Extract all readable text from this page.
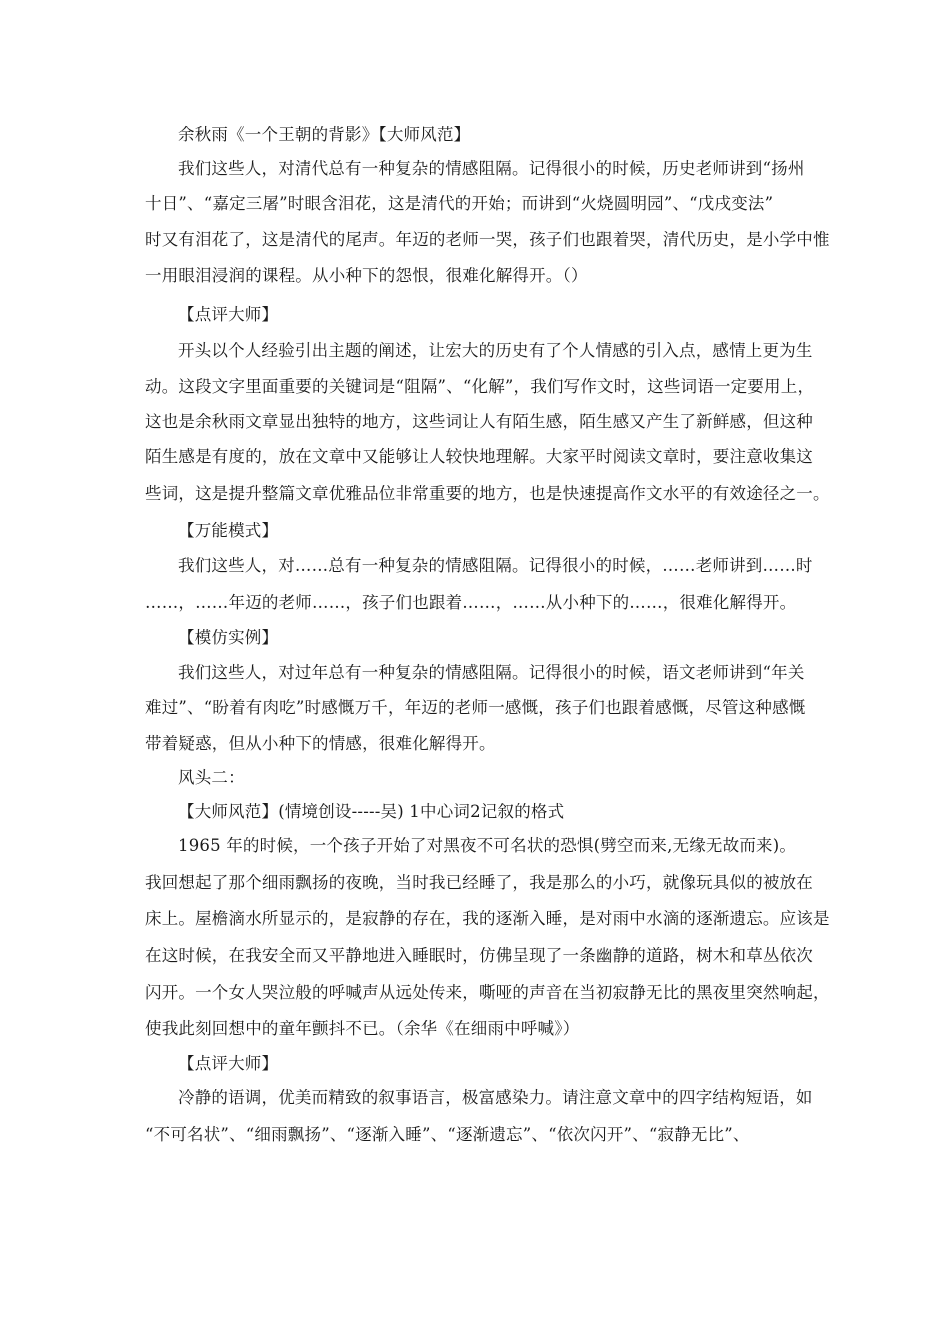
余秋雨《一个王朝的背影》【大师风范】
我们这些人，对清代总有一种复杂的情感阻隔。记得很小的时候，历史老师讲到“扬州
十日”、“嘉定三屠”时眼含泪花，这是清代的开始；而讲到“火烧圆明园”、“戊戌变法”
时又有泪花了，这是清代的尾声。年迈的老师一哭，孩子们也跟着哭，清代历史，是小学中惟
一用眼泪浸润的课程。从小种下的怨恨，很难化解得开。（）
【点评大师】
开头以个人经验引出主题的阐述，让宏大的历史有了个人情感的引入点，感情上更为生
动。这段文字里面重要的关键词是“阻隔”、“化解”，我们写作文时，这些词语一定要用上，
这也是余秋雨文章显出独特的地方，这些词让人有陌生感，陌生感又产生了新鲜感，但这种
陌生感是有度的，放在文章中又能够让人较快地理解。大家平时阅读文章时，要注意收集这
些词，这是提升整篇文章优雅品位非常重要的地方，也是快速提高作文水平的有效途径之一。
【万能模式】
我们这些人，对……总有一种复杂的情感阻隔。记得很小的时候，……老师讲到……时
……，……年迈的老师……，孩子们也跟着……，……从小种下的……，很难化解得开。
【模仿实例】
我们这些人，对过年总有一种复杂的情感阻隔。记得很小的时候，语文老师讲到“年关
难过”、“盼着有肉吃”时感慨万千，年迈的老师一感慨，孩子们也跟着感慨，尽管这种感慨
带着疑惑，但从小种下的情感，很难化解得开。
风头二：
【大师风范】(情境创设-----吴) 1中心词2记叙的格式
1965 年的时候，一个孩子开始了对黑夜不可名状的恐惧(劈空而来,无缘无故而来)。
我回想起了那个细雨飘扬的夜晚，当时我已经睡了，我是那么的小巧，就像玩具似的被放在
床上。屋檐滴水所显示的，是寂静的存在，我的逐渐入睡，是对雨中水滴的逐渐遗忘。应该是
在这时候，在我安全而又平静地进入睡眠时，仿佛呈现了一条幽静的道路，树木和草丛依次
闪开。一个女人哭泣般的呼喊声从远处传来，嘶哑的声音在当初寂静无比的黑夜里突然响起，
使我此刻回想中的童年颤抖不已。（余华《在细雨中呼喊》）
【点评大师】
冷静的语调，优美而精致的叙事语言，极富感染力。请注意文章中的四字结构短语，如
“不可名状”、“细雨飘扬”、“逐渐入睡”、“逐渐遗忘”、“依次闪开”、“寂静无比”、
